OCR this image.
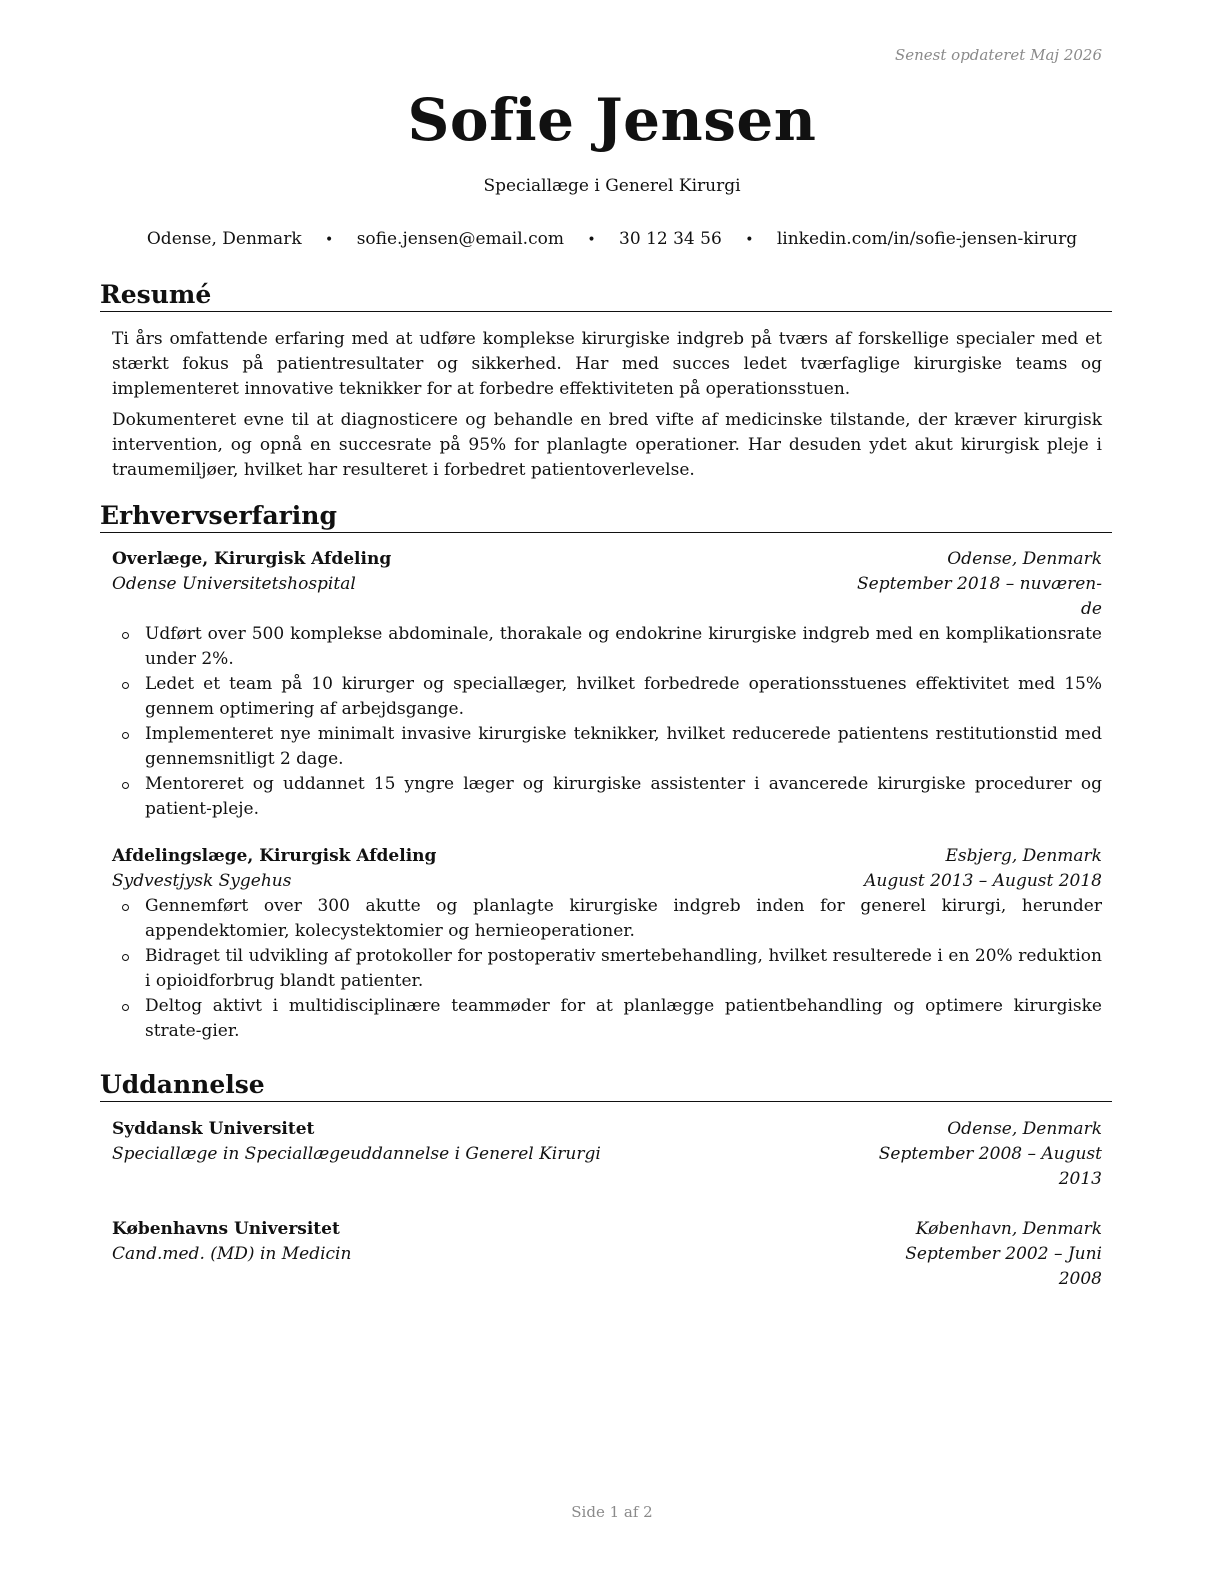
Senest opdateret Maj 2026
Sofie Jensen
Speciallæge i Generel Kirurgi
Odense, Denmark • sofie.jensen@email.com • 30 12 34 56 • linkedin.com/in/sofie-jensen-kirurg
Resumé

Ti års omfattende erfaring med at udføre komplekse kirurgiske indgreb på tværs af forskellige specialer med et stærkt fokus på patientresultater og sikkerhed. Har med succes ledet tværfaglige kirurgiske teams og implementeret innovative teknikker for at forbedre effektiviteten på operationsstuen.

Dokumenteret evne til at diagnosticere og behandle en bred vifte af medicinske tilstande, der kræver kirurgisk intervention, og opnå en succesrate på 95% for planlagte operationer. Har desuden ydet akut kirurgisk pleje i traumemiljøer, hvilket har resulteret i forbedret patientoverlevelse.

Erhvervserfaring
Overlæge, Kirurgisk Afdeling	Odense, Denmark
Odense Universitetshospital	September 2018 – nuværen-
de
Udført over 500 komplekse abdominale, thorakale og endokrine kirurgiske indgreb med en komplikationsrate under 2%.
Ledet et team på 10 kirurger og speciallæger, hvilket forbedrede operationsstuenes effektivitet med 15% gennem optimering af arbejdsgange.
Implementeret nye minimalt invasive kirurgiske teknikker, hvilket reducerede patientens restitutionstid med gennemsnitligt 2 dage.
Mentoreret og uddannet 15 yngre læger og kirurgiske assistenter i avancerede kirurgiske procedurer og patient-pleje.
Afdelingslæge, Kirurgisk Afdeling	Esbjerg, Denmark
Sydvestjysk Sygehus	August 2013 – August 2018
Gennemført over 300 akutte og planlagte kirurgiske indgreb inden for generel kirurgi, herunder appendektomier, kolecystektomier og hernieoperationer.
Bidraget til udvikling af protokoller for postoperativ smertebehandling, hvilket resulterede i en 20% reduktion i opioidforbrug blandt patienter.
Deltog aktivt i multidisciplinære teammøder for at planlægge patientbehandling og optimere kirurgiske strate-gier.
Uddannelse
Syddansk Universitet	Odense, Denmark
Speciallæge in Speciallægeuddannelse i Generel Kirurgi	September 2008 – August
2013
Københavns Universitet	København, Denmark
Cand.med. (MD) in Medicin	September 2002 – Juni
2008
Side 1 af 2
